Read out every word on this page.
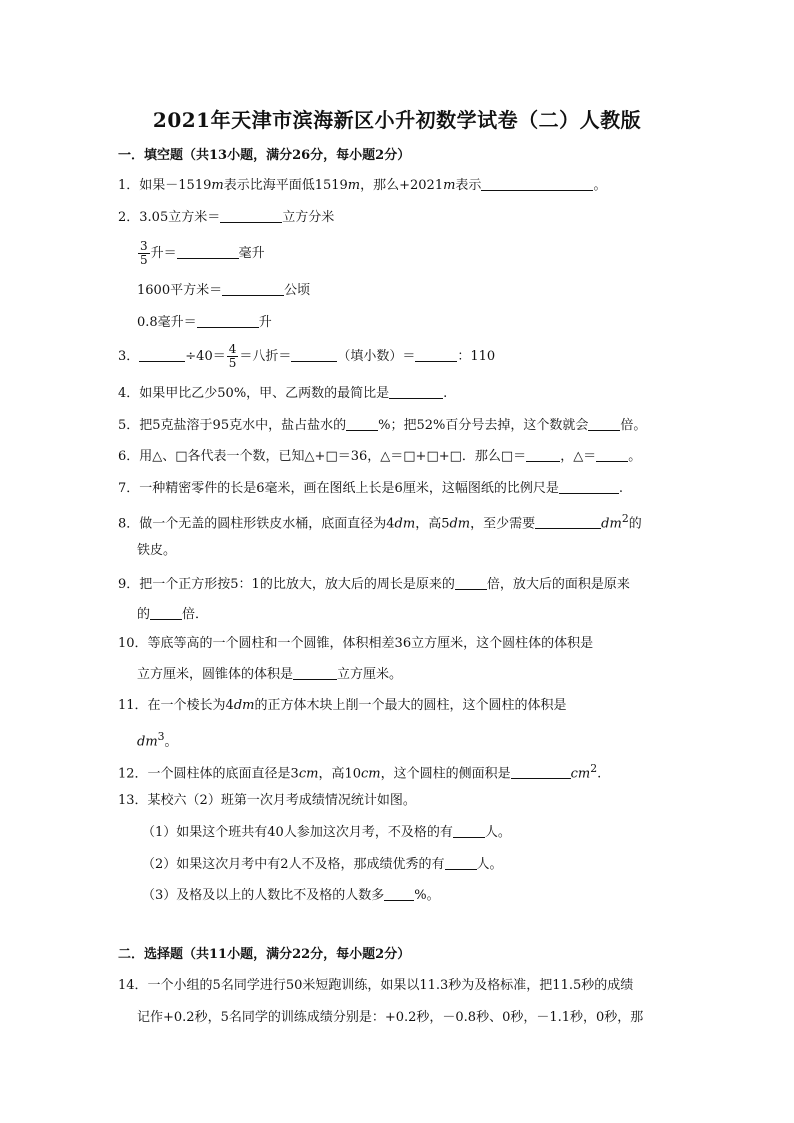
2021年天津市滨海新区小升初数学试卷（二）人教版
一．填空题（共13小题，满分26分，每小题2分）
1．如果－1519m表示比海平面低1519m，那么+2021m表示	。
2．3.05立方米＝	立方分米
$\frac{3}{5}$ 升＝	毫升
1600平方米＝	公顷
0.8毫升＝	升
3．	$\div 40= \frac{4}{5}$ ＝八折＝	（填小数）＝	：110
4．如果甲比乙少50%，甲、乙两数的最简比是	.
5．把5克盐溶于95克水中，盐占盐水的 %；把52%百分号去掉，这个数就会 倍。
6．用△、□各代表一个数，已知△+□＝36，△＝□+□+□．那么□＝	，△＝ 。
7．一种精密零件的长是6毫米，画在图纸上长是6厘米，这幅图纸的比例尺是	.
8．做一个无盖的圆柱形铁皮水桶，底面直径为4dm，高5dm，至少需要	$dm^2$的
铁皮。
9．把一个正方形按5：1的比放大，放大后的周长是原来的 倍，放大后的面积是原来
的 倍．
10．等底等高的一个圆柱和一个圆锥，体积相差36立方厘米，这个圆柱体的体积是
立方厘米，圆锥体的体积是	立方厘米。
11．在一个棱长为4dm的正方体木块上削一个最大的圆柱，这个圆柱的体积是
$dm^3$。
12．一个圆柱体的底面直径是3cm，高10cm，这个圆柱的侧面积是	$cm^2$.
13．某校六（2）班第一次月考成绩情况统计如图。
（1）如果这个班共有40人参加这次月考，不及格的有 人。
（2）如果这次月考中有2人不及格，那成绩优秀的有 人。
（3）及格及以上的人数比不及格的人数多 %。
二．选择题（共11小题，满分22分，每小题2分）
14．一个小组的5名同学进行50米短跑训练，如果以11.3秒为及格标准，把11.5秒的成绩
记作+0.2秒，5名同学的训练成绩分别是：+0.2秒，－0.8秒、0秒，－1.1秒，0秒，那
